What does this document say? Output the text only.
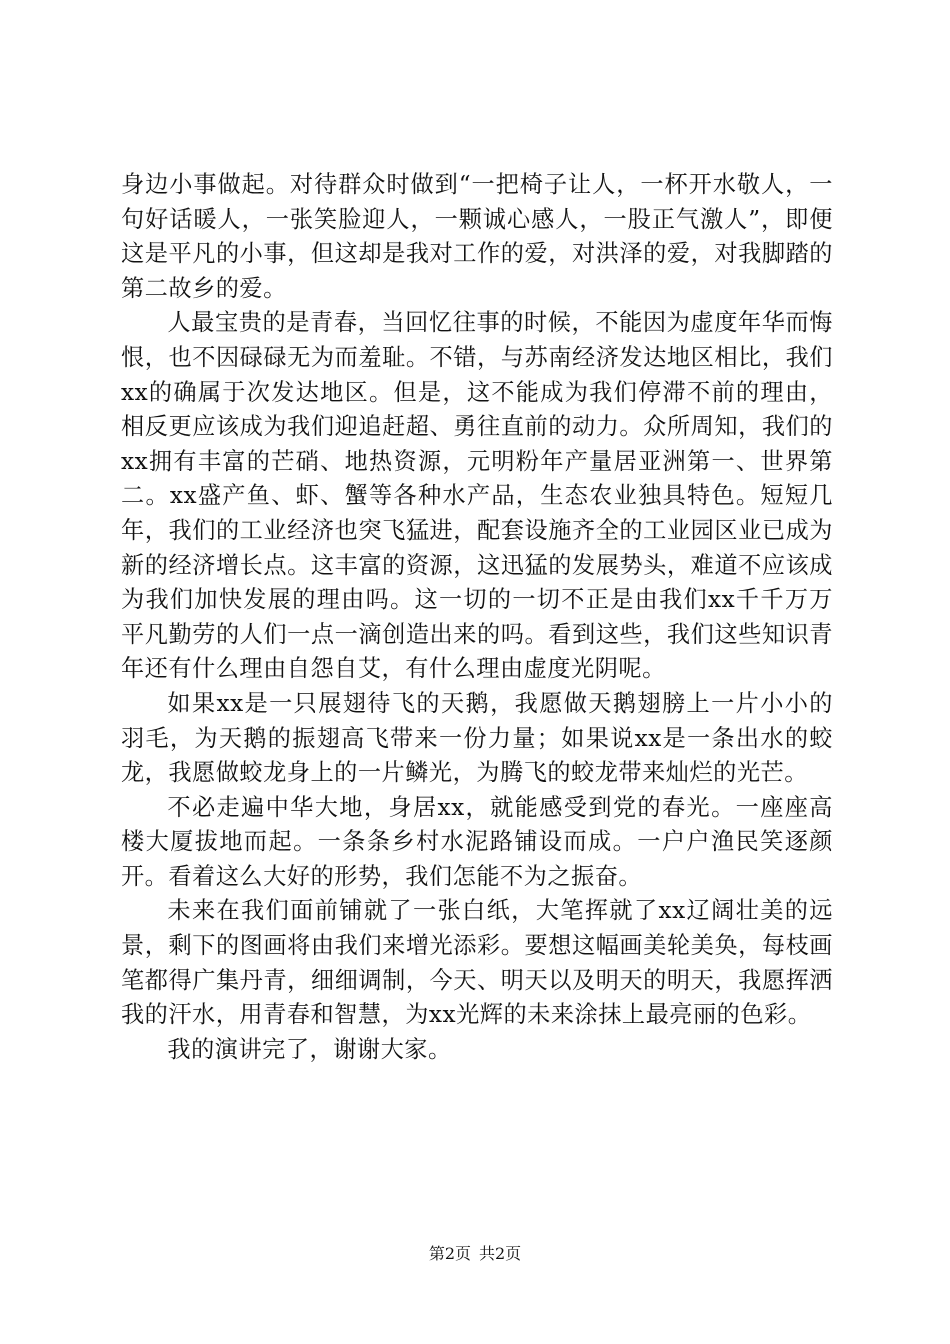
身边小事做起。对待群众时做到“一把椅子让人，一杯开水敬人，一句好话暖人，一张笑脸迎人，一颗诚心感人，一股正气激人”，即便这是平凡的小事，但这却是我对工作的爱，对洪泽的爱，对我脚踏的第二故乡的爱。

人最宝贵的是青春，当回忆往事的时候，不能因为虚度年华而悔恨，也不因碌碌无为而羞耻。不错，与苏南经济发达地区相比，我们xx的确属于次发达地区。但是，这不能成为我们停滞不前的理由，相反更应该成为我们迎追赶超、勇往直前的动力。众所周知，我们的xx拥有丰富的芒硝、地热资源，元明粉年产量居亚洲第一、世界第二。xx盛产鱼、虾、蟹等各种水产品，生态农业独具特色。短短几年，我们的工业经济也突飞猛进，配套设施齐全的工业园区业已成为新的经济增长点。这丰富的资源，这迅猛的发展势头，难道不应该成为我们加快发展的理由吗。这一切的一切不正是由我们xx千千万万平凡勤劳的人们一点一滴创造出来的吗。看到这些，我们这些知识青年还有什么理由自怨自艾，有什么理由虚度光阴呢。

如果xx是一只展翅待飞的天鹅，我愿做天鹅翅膀上一片小小的羽毛，为天鹅的振翅高飞带来一份力量；如果说xx是一条出水的蛟龙，我愿做蛟龙身上的一片鳞光，为腾飞的蛟龙带来灿烂的光芒。

不必走遍中华大地，身居xx，就能感受到党的春光。一座座高楼大厦拔地而起。一条条乡村水泥路铺设而成。一户户渔民笑逐颜开。看着这么大好的形势，我们怎能不为之振奋。

未来在我们面前铺就了一张白纸，大笔挥就了xx辽阔壮美的远景，剩下的图画将由我们来增光添彩。要想这幅画美轮美奂，每枝画笔都得广集丹青，细细调制，今天、明天以及明天的明天，我愿挥洒我的汗水，用青春和智慧，为xx光辉的未来涂抹上最亮丽的色彩。

我的演讲完了，谢谢大家。

第2页 共2页
